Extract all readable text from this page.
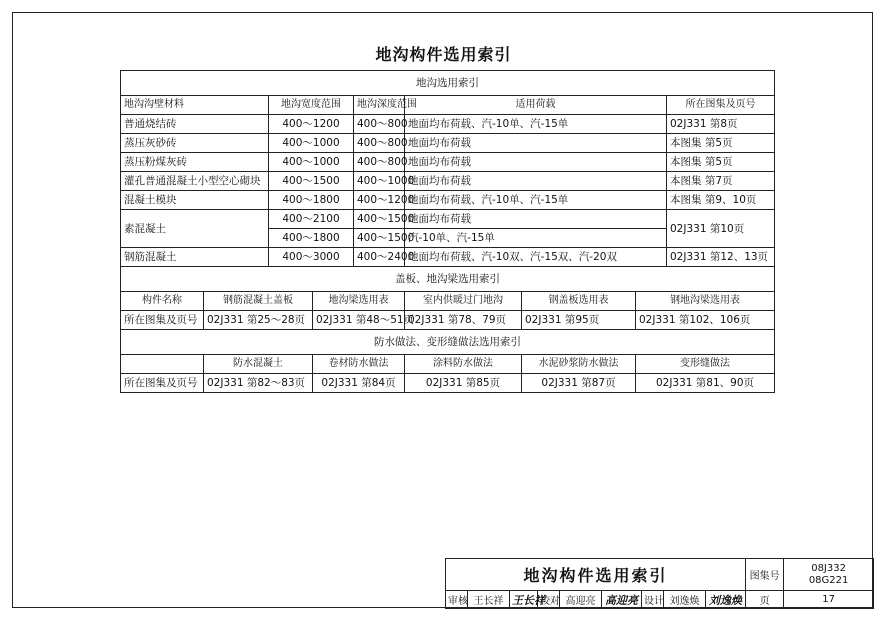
地沟构件选用索引
地沟选用索引								
地沟沟壁材料		地沟宽度范围		地沟深度范围	适用荷载			所在图集及页号
普通烧结砖		400～1200		400～800	地面均布荷载、汽-10单、汽-15单			02J331 第8页
蒸压灰砂砖		400～1000		400～800	地面均布荷载			本图集 第5页
蒸压粉煤灰砖		400～1000		400～800	地面均布荷载			本图集 第5页
灌孔普通混凝土小型空心砌块		400～1500		400～1000	地面均布荷载			本图集 第7页
混凝土模块		400～1800		400～1200	地面均布荷载、汽-10单、汽-15单			本图集 第9、10页
素混凝土		400～2100		400～1500	地面均布荷载			02J331 第10页
		400～1800		400～1500	汽-10单、汽-15单			
钢筋混凝土		400～3000		400～2400	地面均布荷载、汽-10双、汽-15双、汽-20双			02J331 第12、13页
盖板、地沟梁选用索引								
构件名称	钢筋混凝土盖板		地沟梁选用表		室内供暖过门地沟	钢盖板选用表	钢地沟梁选用表	
所在图集及页号	02J331 第25～28页		02J331 第48～51页		02J331 第78、79页	02J331 第95页	02J331 第102、106页	
防水做法、变形缝做法选用索引								
	防水混凝土		卷材防水做法		涂料防水做法	水泥砂浆防水做法	变形缝做法	
所在图集及页号	02J331 第82～83页		02J331 第84页		02J331 第85页	02J331 第87页	02J331 第81、90页	
地沟构件选用索引									图集号	08J332
08G221

审核	王长祥	王长祥	校对	高迎亮	高迎亮	设计	刘逸焕	刘逸焕	页	17
